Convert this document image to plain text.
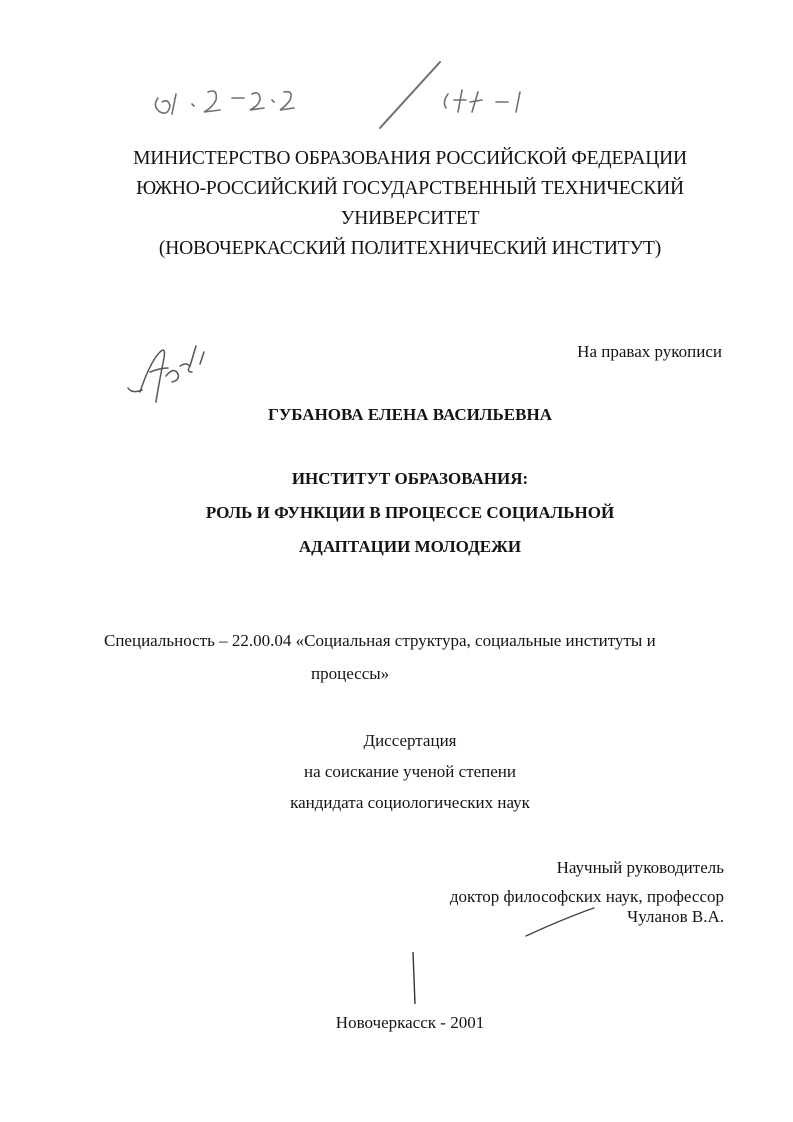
МИНИСТЕРСТВО ОБРАЗОВАНИЯ РОССИЙСКОЙ ФЕДЕРАЦИИ
ЮЖНО-РОССИЙСКИЙ ГОСУДАРСТВЕННЫЙ ТЕХНИЧЕСКИЙ
УНИВЕРСИТЕТ
(НОВОЧЕРКАССКИЙ ПОЛИТЕХНИЧЕСКИЙ ИНСТИТУТ)
На правах рукописи
ГУБАНОВА ЕЛЕНА ВАСИЛЬЕВНА
ИНСТИТУТ ОБРАЗОВАНИЯ:
РОЛЬ И ФУНКЦИИ В ПРОЦЕССЕ СОЦИАЛЬНОЙ
АДАПТАЦИИ МОЛОДЕЖИ
Специальность – 22.00.04 «Социальная структура, социальные институты и
процессы»
Диссертация
на соискание ученой степени
кандидата социологических наук
Научный руководитель
доктор философских наук, профессор
Чуланов В.А.
Новочеркасск - 2001
